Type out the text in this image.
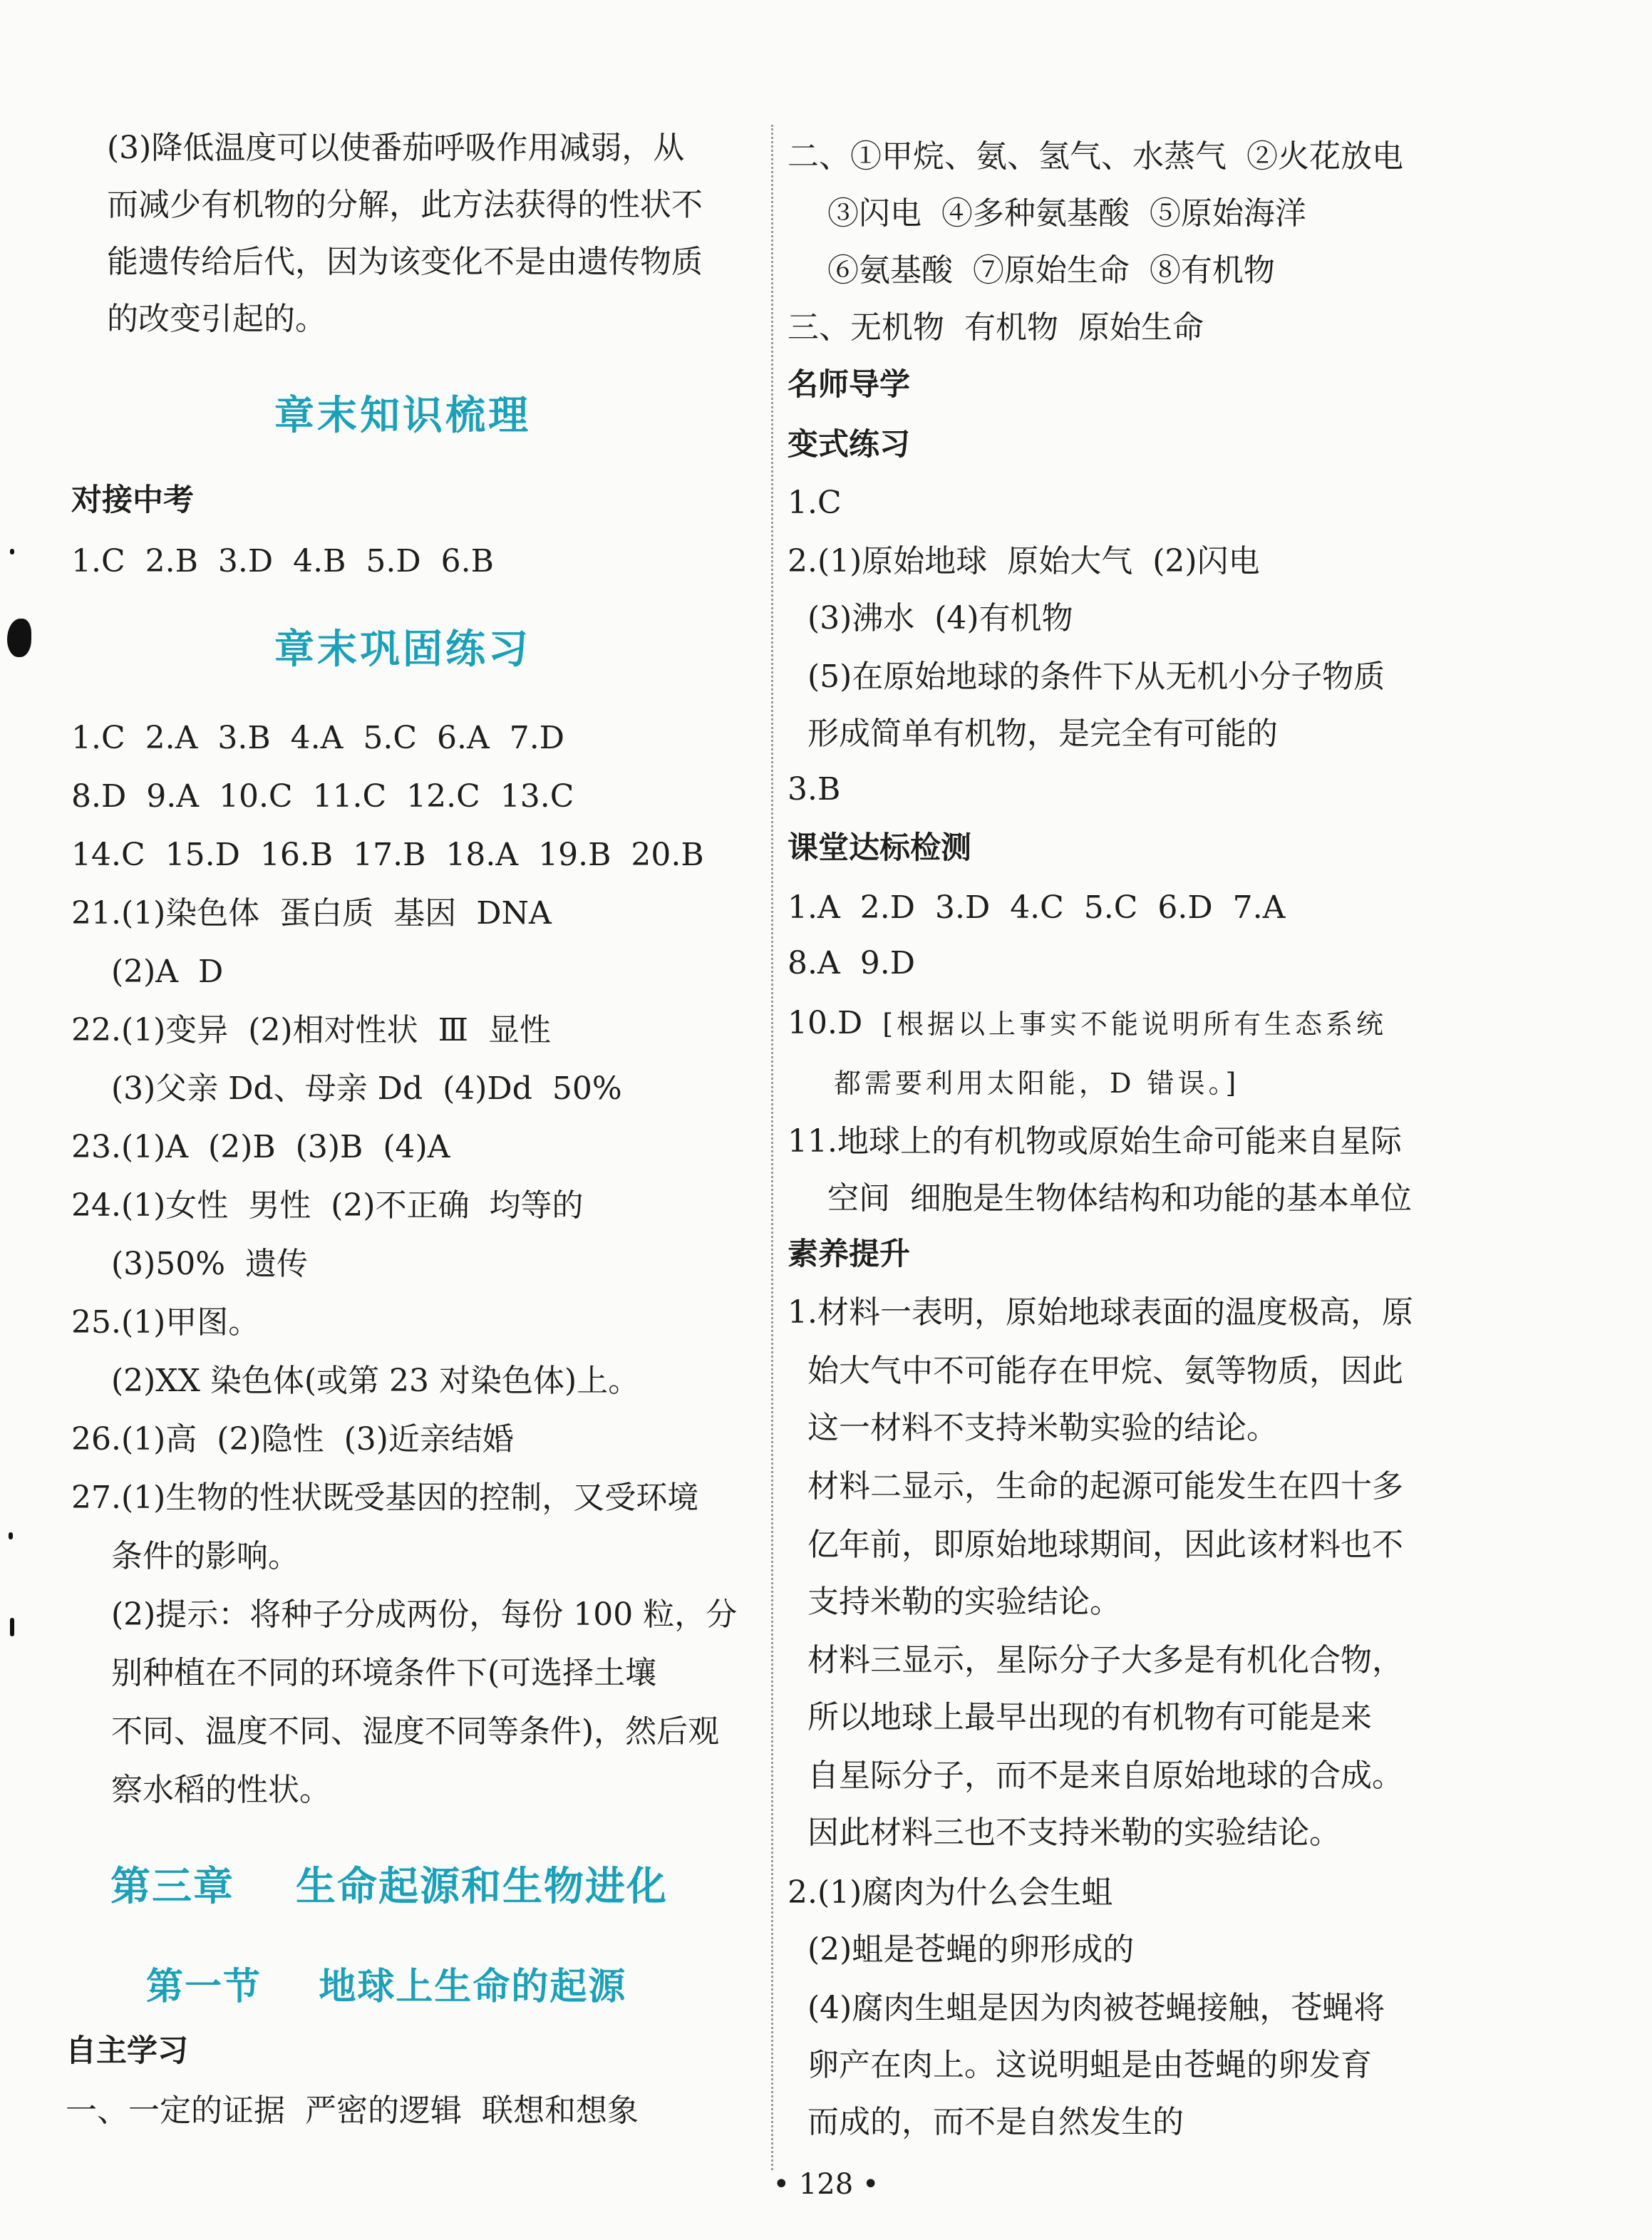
(3)降低温度可以使番茄呼吸作用减弱，从
而减少有机物的分解，此方法获得的性状不
能遗传给后代，因为该变化不是由遗传物质
的改变引起的。
章末知识梳理
对接中考
1.C  2.B  3.D  4.B  5.D  6.B
章末巩固练习
1.C  2.A  3.B  4.A  5.C  6.A  7.D
8.D  9.A  10.C  11.C  12.C  13.C
14.C  15.D  16.B  17.B  18.A  19.B  20.B
21.(1)染色体  蛋白质  基因  DNA
(2)A  D
22.(1)变异  (2)相对性状  Ⅲ  显性
(3)父亲 Dd、母亲 Dd  (4)Dd  50%
23.(1)A  (2)B  (3)B  (4)A
24.(1)女性  男性  (2)不正确  均等的
(3)50%  遗传
25.(1)甲图。
(2)XX 染色体(或第 23 对染色体)上。
26.(1)高  (2)隐性  (3)近亲结婚
27.(1)生物的性状既受基因的控制，又受环境
条件的影响。
(2)提示：将种子分成两份，每份 100 粒，分
别种植在不同的环境条件下(可选择土壤
不同、温度不同、湿度不同等条件)，然后观
察水稻的性状。
第三章    生命起源和生物进化
第一节    地球上生命的起源
自主学习
一、一定的证据  严密的逻辑  联想和想象
二、①甲烷、氨、氢气、水蒸气  ②火花放电
③闪电  ④多种氨基酸  ⑤原始海洋
⑥氨基酸  ⑦原始生命  ⑧有机物
三、无机物  有机物  原始生命
名师导学
变式练习
1.C
2.(1)原始地球  原始大气  (2)闪电
(3)沸水  (4)有机物
(5)在原始地球的条件下从无机小分子物质
形成简单有机物，是完全有可能的
3.B
课堂达标检测
1.A  2.D  3.D  4.C  5.C  6.D  7.A
8.A  9.D
10.D  [根据以上事实不能说明所有生态系统
都需要利用太阳能，D 错误。]
11.地球上的有机物或原始生命可能来自星际
空间  细胞是生物体结构和功能的基本单位
素养提升
1.材料一表明，原始地球表面的温度极高，原
始大气中不可能存在甲烷、氨等物质，因此
这一材料不支持米勒实验的结论。
材料二显示，生命的起源可能发生在四十多
亿年前，即原始地球期间，因此该材料也不
支持米勒的实验结论。
材料三显示，星际分子大多是有机化合物，
所以地球上最早出现的有机物有可能是来
自星际分子，而不是来自原始地球的合成。
因此材料三也不支持米勒的实验结论。
2.(1)腐肉为什么会生蛆
(2)蛆是苍蝇的卵形成的
(4)腐肉生蛆是因为肉被苍蝇接触，苍蝇将
卵产在肉上。这说明蛆是由苍蝇的卵发育
而成的，而不是自然发生的
• 128 •
